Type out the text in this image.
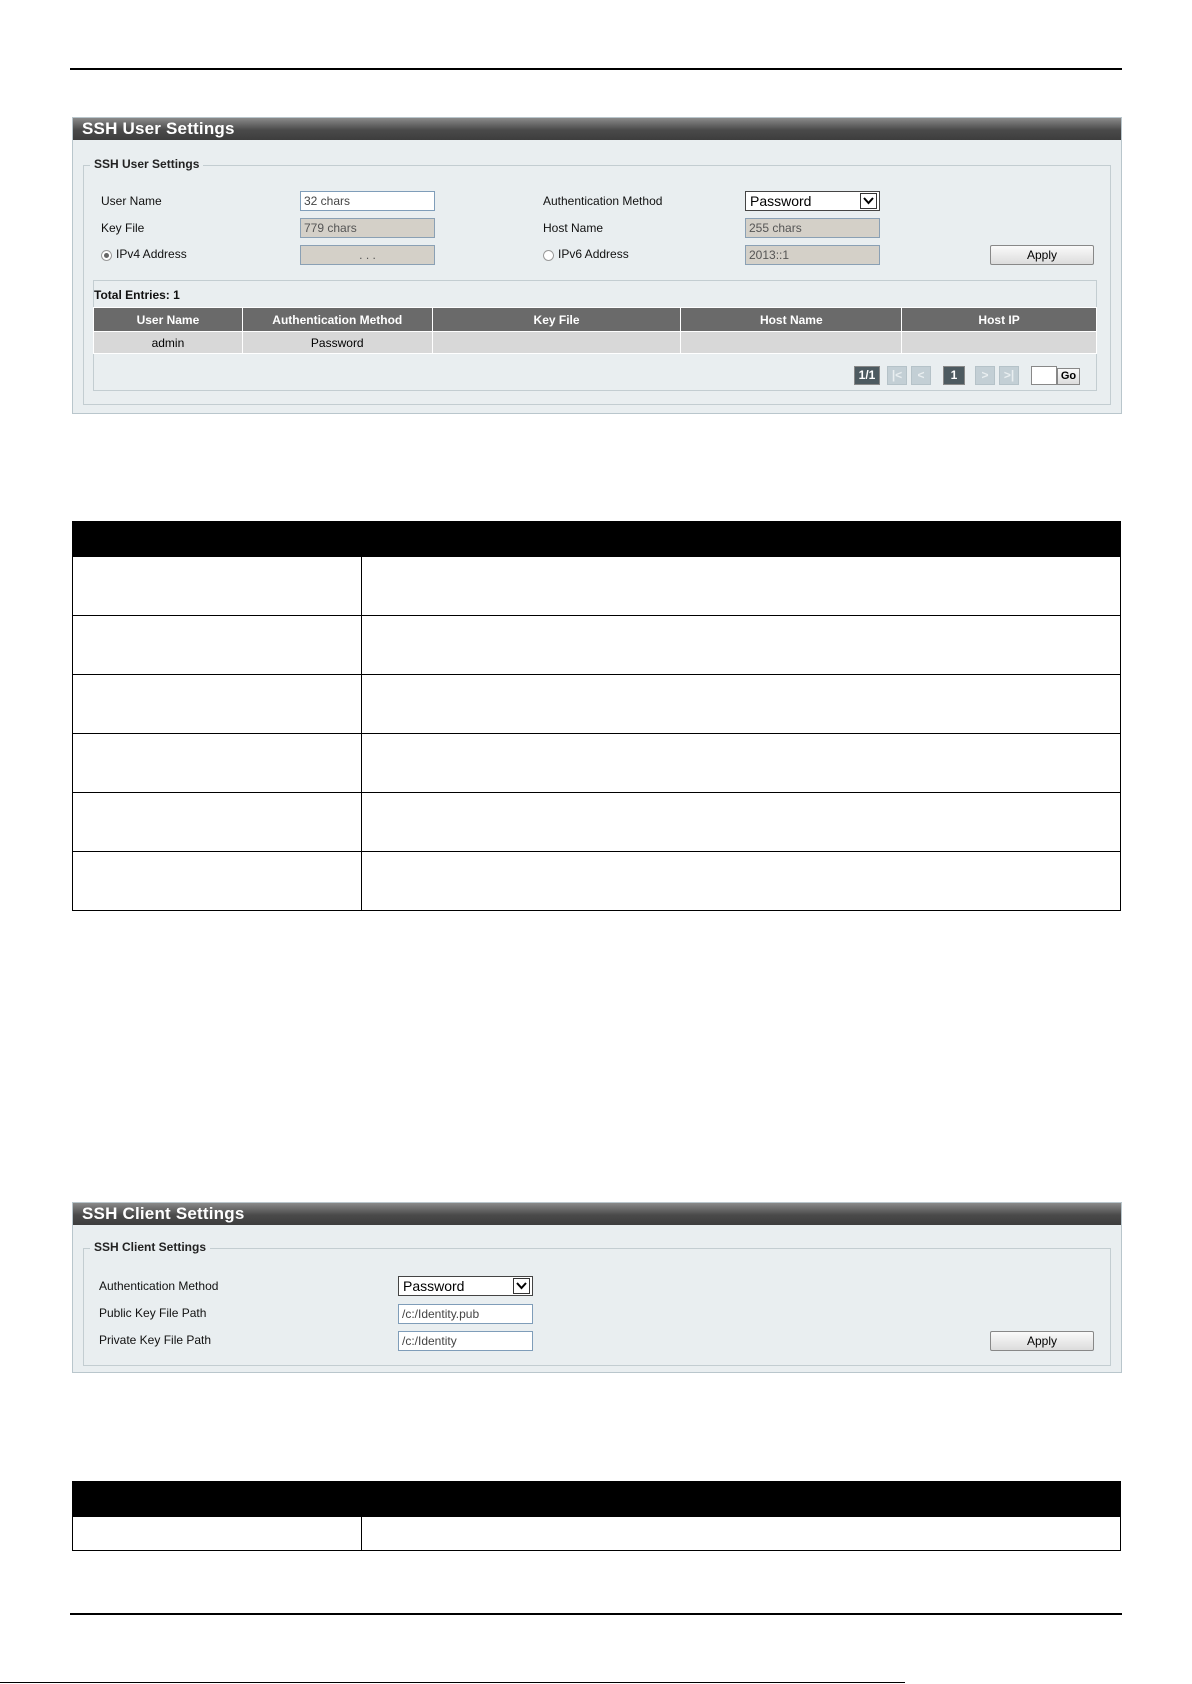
SSH User Settings
SSH User Settings
User Name	32 chars	Authentication Method	Password
Key File	779 chars	Host Name	255 chars
IPv4 Address	. . .	IPv6 Address	2013::1	Apply
Total Entries: 1
User Name	Authentication Method	Key File	Host Name	Host IP
admin	Password			
1/1	|<	<	1	>	>|	Go
SSH Client Settings
SSH Client Settings
Authentication Method	Password
Public Key File Path	/c:/Identity.pub
Private Key File Path	/c:/Identity	Apply
